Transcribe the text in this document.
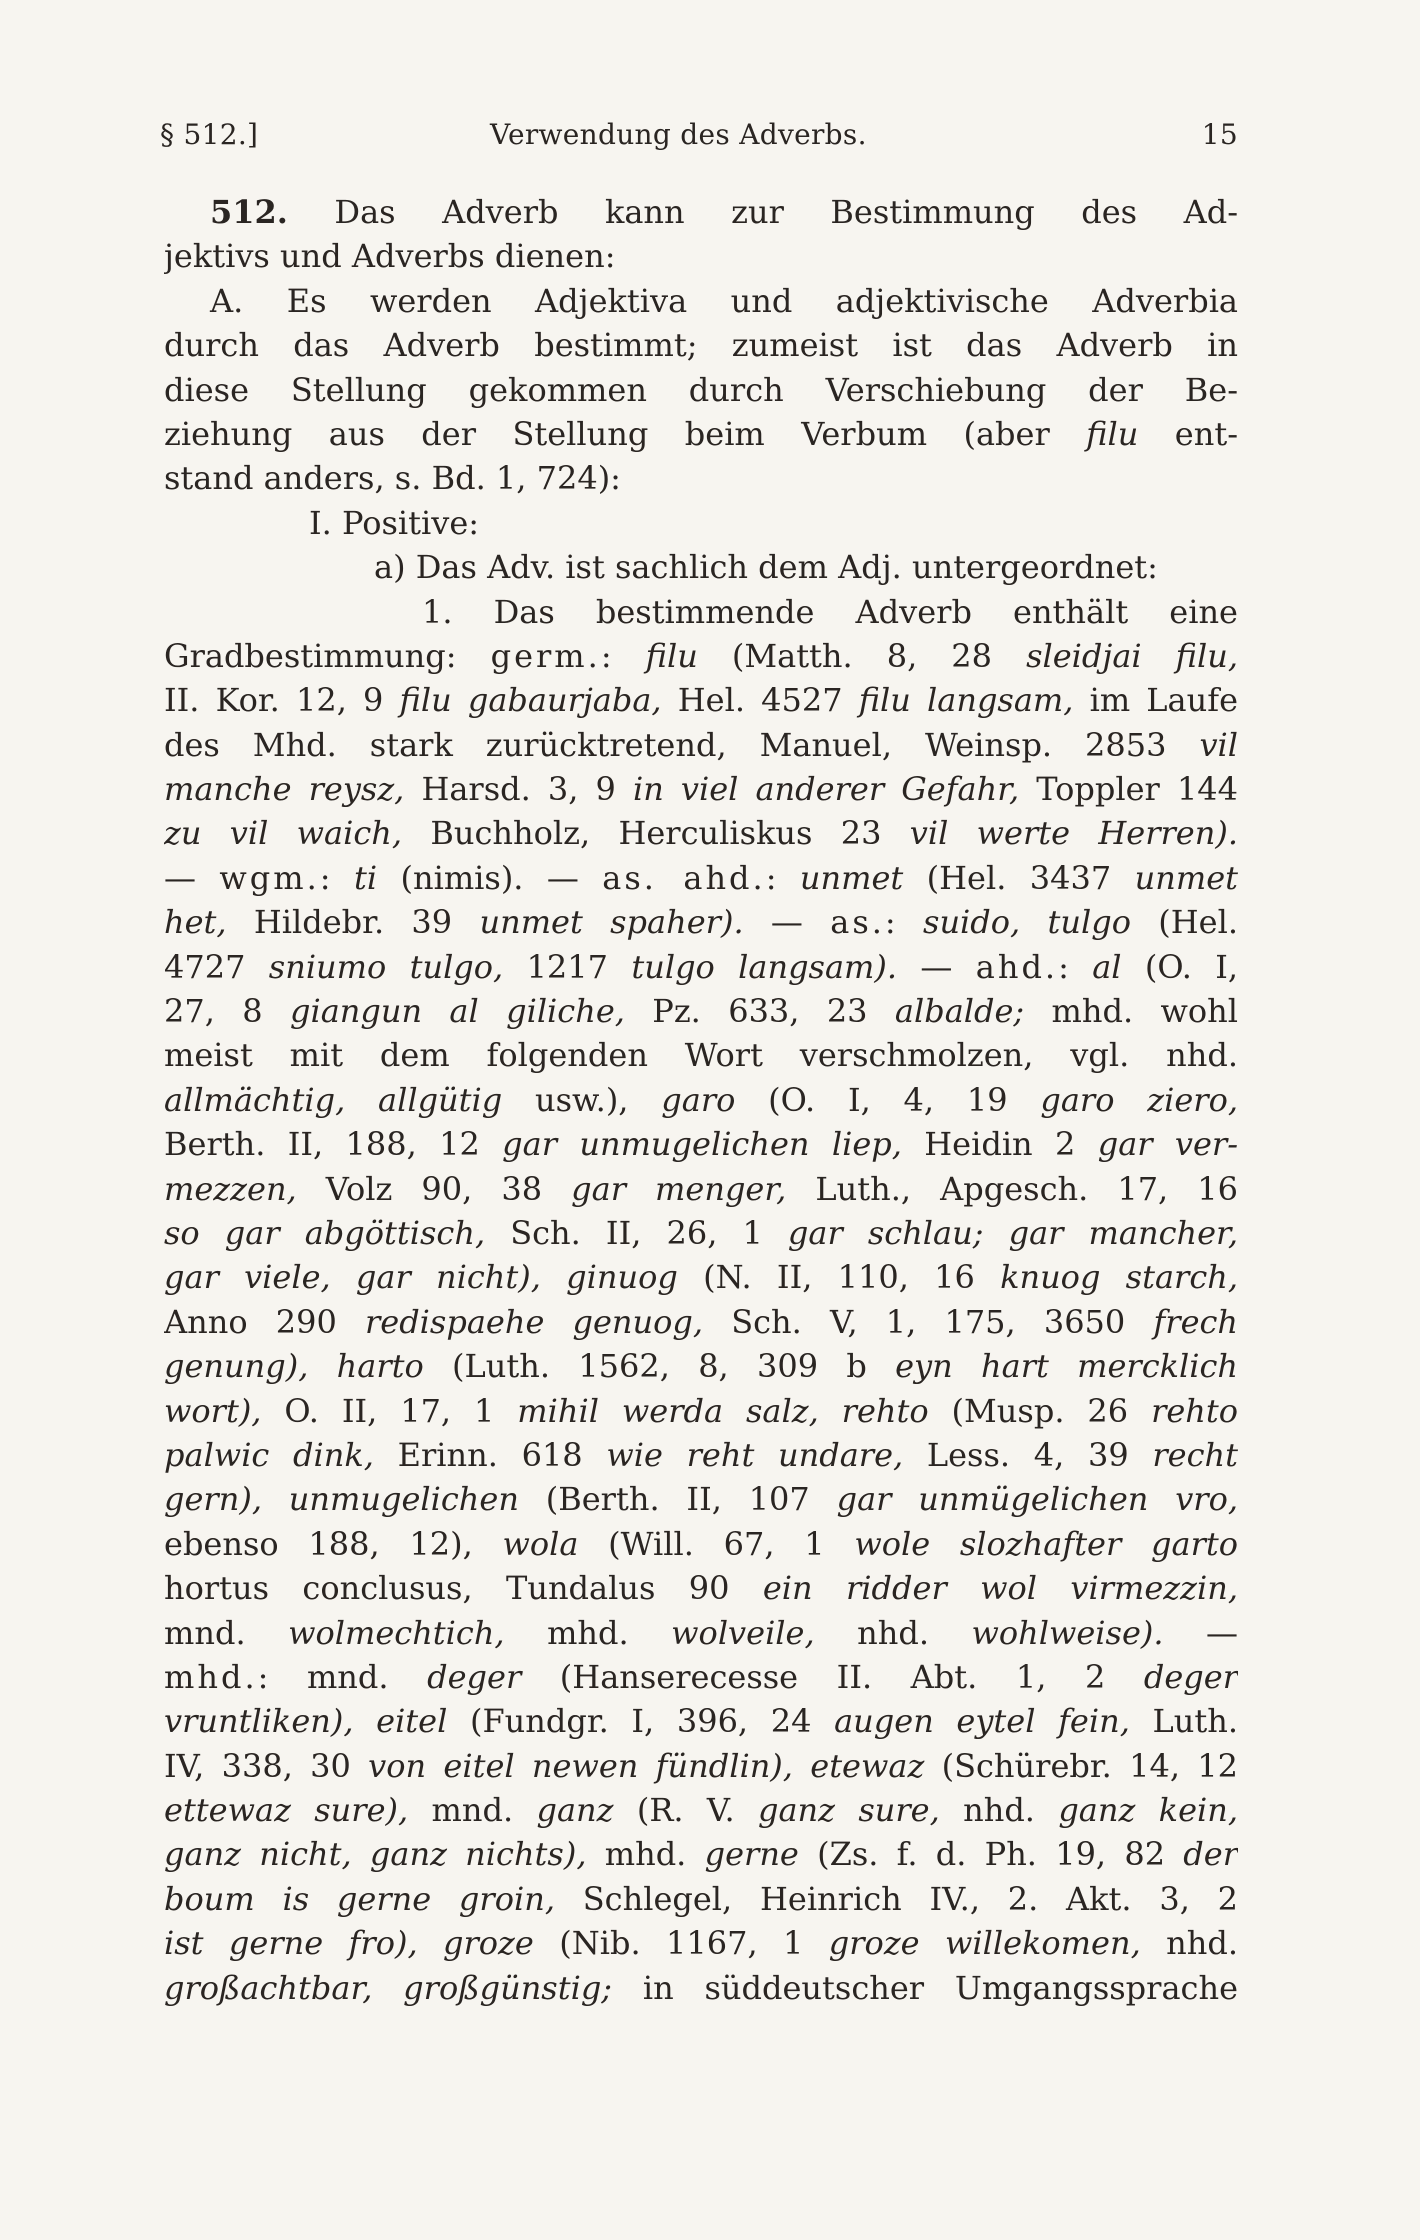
§ 512.]	Verwendung des Adverbs.	15
512. Das Adverb kann zur Bestimmung des Ad-
jektivs und Adverbs dienen:
A. Es werden Adjektiva und adjektivische Adverbia
durch das Adverb bestimmt; zumeist ist das Adverb in
diese Stellung gekommen durch Verschiebung der Be-
ziehung aus der Stellung beim Verbum (aber filu ent-
stand anders, s. Bd. 1, 724):
I. Positive:
a) Das Adv. ist sachlich dem Adj. untergeordnet:
1. Das bestimmende Adverb enthält eine
Gradbestimmung: germ.: filu (Matth. 8, 28 sleidjai filu,
II. Kor. 12, 9 filu gabaurjaba, Hel. 4527 filu langsam, im Laufe
des Mhd. stark zurücktretend, Manuel, Weinsp. 2853 vil
manche reysz, Harsd. 3, 9 in viel anderer Gefahr, Toppler 144
zu vil waich, Buchholz, Herculiskus 23 vil werte Herren).
— wgm.: ti (nimis). — as. ahd.: unmet (Hel. 3437 unmet
het, Hildebr. 39 unmet spaher). — as.: suido, tulgo (Hel.
4727 sniumo tulgo, 1217 tulgo langsam). — ahd.: al (O. I,
27, 8 giangun al giliche, Pz. 633, 23 albalde; mhd. wohl
meist mit dem folgenden Wort verschmolzen, vgl. nhd.
allmächtig, allgütig usw.), garo (O. I, 4, 19 garo ziero,
Berth. II, 188, 12 gar unmugelichen liep, Heidin 2 gar ver-
mezzen, Volz 90, 38 gar menger, Luth., Apgesch. 17, 16
so gar abgöttisch, Sch. II, 26, 1 gar schlau; gar mancher,
gar viele, gar nicht), ginuog (N. II, 110, 16 knuog starch,
Anno 290 redispaehe genuog, Sch. V, 1, 175, 3650 frech
genung), harto (Luth. 1562, 8, 309 b eyn hart mercklich
wort), O. II, 17, 1 mihil werda salz, rehto (Musp. 26 rehto
palwic dink, Erinn. 618 wie reht undare, Less. 4, 39 recht
gern), unmugelichen (Berth. II, 107 gar unmügelichen vro,
ebenso 188, 12), wola (Will. 67, 1 wole slozhafter garto
hortus conclusus, Tundalus 90 ein ridder wol virmezzin,
mnd. wolmechtich, mhd. wolveile, nhd. wohlweise). —
mhd.: mnd. deger (Hanserecesse II. Abt. 1, 2 deger
vruntliken), eitel (Fundgr. I, 396, 24 augen eytel fein, Luth.
IV, 338, 30 von eitel newen fündlin), etewaz (Schürebr. 14, 12
ettewaz sure), mnd. ganz (R. V. ganz sure, nhd. ganz kein,
ganz nicht, ganz nichts), mhd. gerne (Zs. f. d. Ph. 19, 82 der
boum is gerne groin, Schlegel, Heinrich IV., 2. Akt. 3, 2
ist gerne fro), groze (Nib. 1167, 1 groze willekomen, nhd.
großachtbar, großgünstig; in süddeutscher Umgangssprache
